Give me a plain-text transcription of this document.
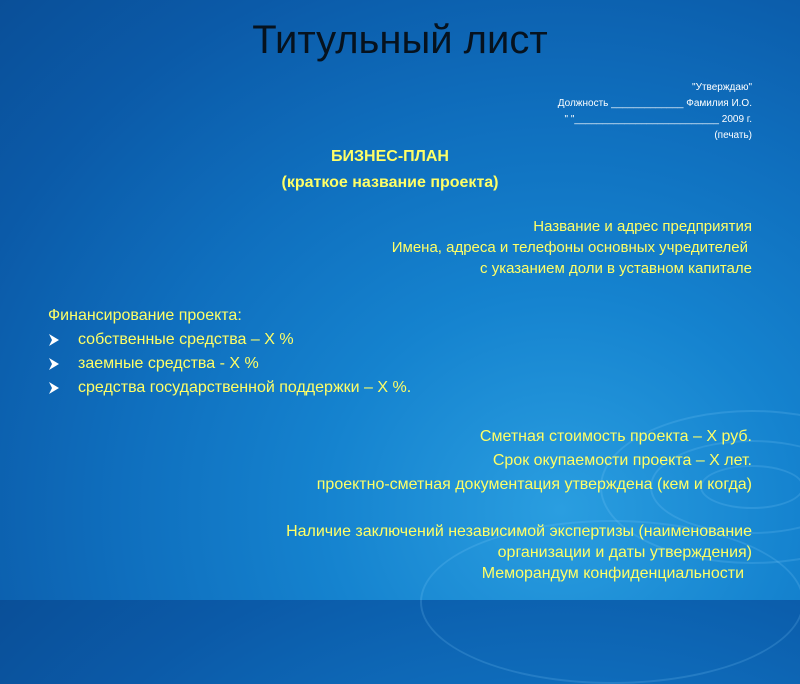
Титульный лист
"Утверждаю"
Должность _____________ Фамилия И.О.
" "__________________________ 2009 г.
(печать)
БИЗНЕС-ПЛАН
(краткое название проекта)
Название и адрес предприятия
Имена, адреса и телефоны основных учредителей
с указанием доли в уставном капитале
Финансирование проекта:
собственные средства – Х %
заемные средства - Х %
средства государственной поддержки – Х %.
Сметная стоимость проекта – Х руб.
Срок окупаемости проекта – Х лет.
проектно-сметная документация утверждена (кем и когда)
Наличие заключений независимой экспертизы (наименование
организации и даты утверждения)
Меморандум конфиденциальности
